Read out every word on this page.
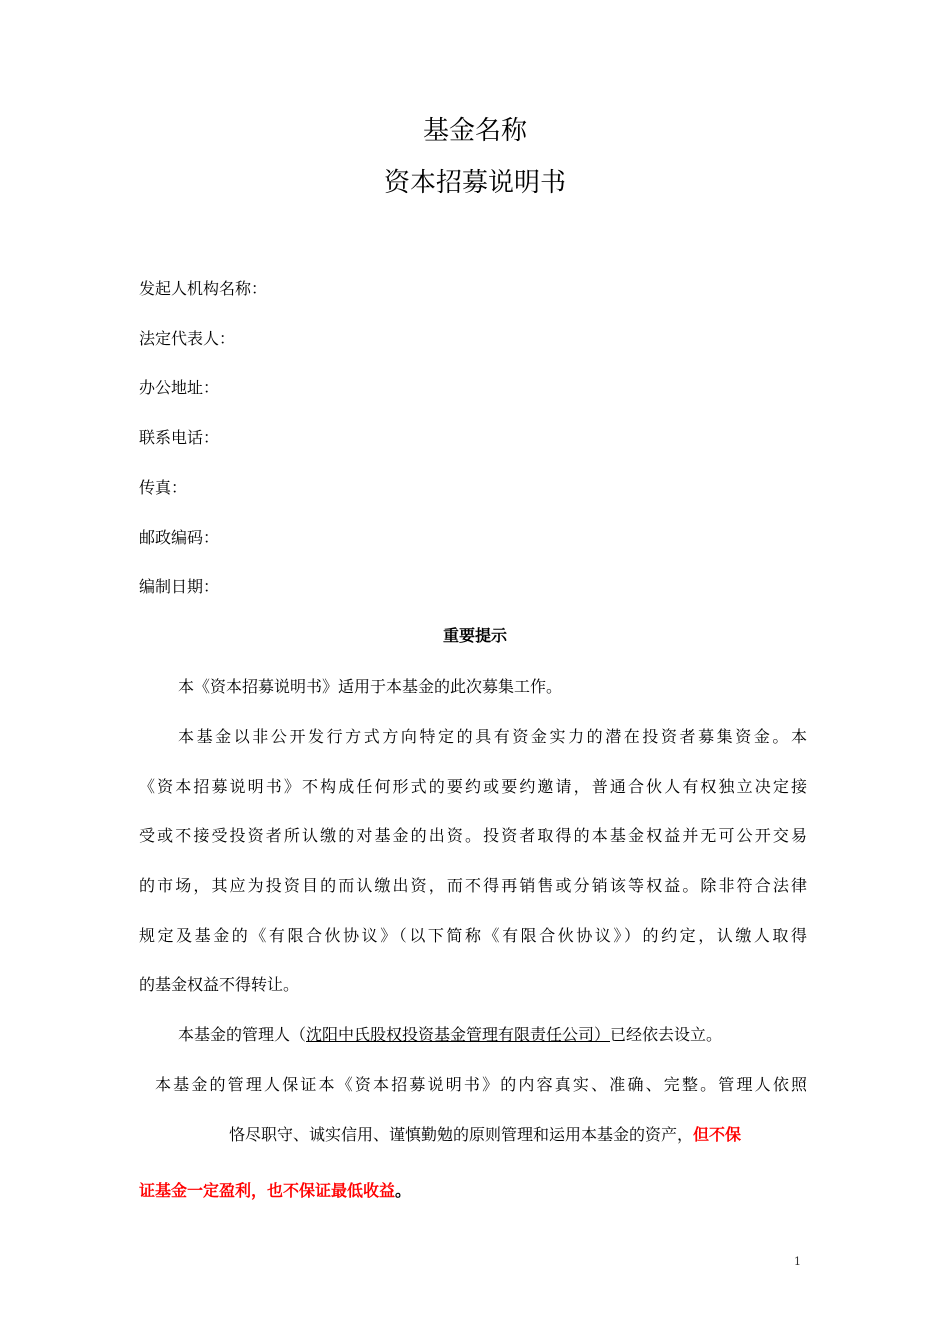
基金名称
资本招募说明书
发起人机构名称：
法定代表人：
办公地址：
联系电话：
传真：
邮政编码：
编制日期：
重要提示
本《资本招募说明书》适用于本基金的此次募集工作。
本基金以非公开发行方式方向特定的具有资金实力的潜在投资者募集资金。本
《资本招募说明书》不构成任何形式的要约或要约邀请，普通合伙人有权独立决定接
受或不接受投资者所认缴的对基金的出资。投资者取得的本基金权益并无可公开交易
的市场，其应为投资目的而认缴出资，而不得再销售或分销该等权益。除非符合法律
规定及基金的《有限合伙协议》（以下简称《有限合伙协议》）的约定，认缴人取得
的基金权益不得转让。
本基金的管理人（沈阳中氏股权投资基金管理有限责任公司）已经依去设立。
本基金的管理人保证本《资本招募说明书》的内容真实、准确、完整。管理人依照
恪尽职守、诚实信用、谨慎勤勉的原则管理和运用本基金的资产，但不保
证基金一定盈利，也不保证最低收益。
1
